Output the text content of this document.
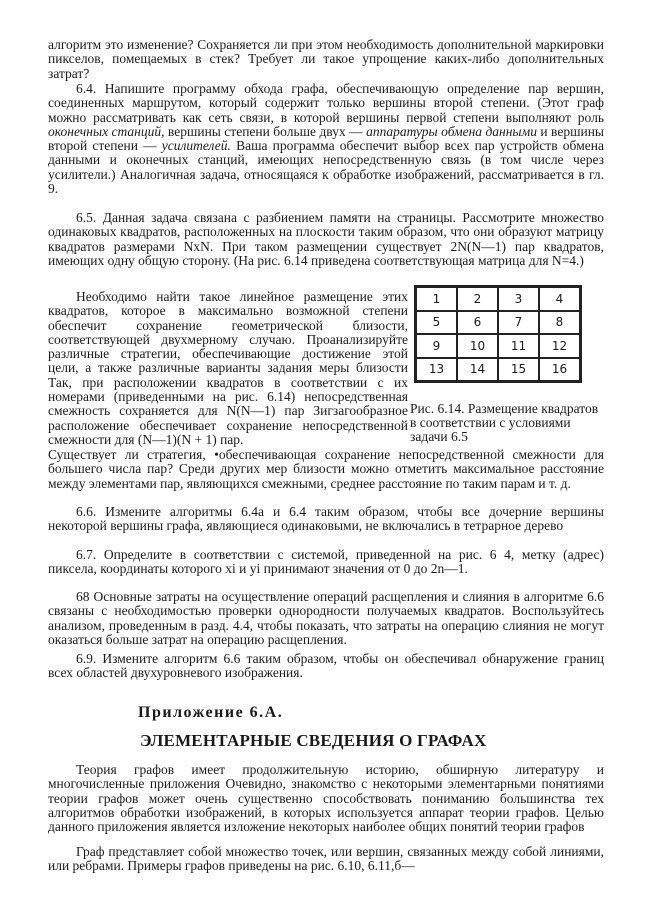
алгоритм это изменение? Сохраняется ли при этом необходимость дополнительной маркировки пикселов, помещаемых в стек? Требует ли такое упрощение каких-либо дополнительных затрат?

6.4. Напишите программу обхода графа, обеспечивающую определение пар вершин, соединенных маршрутом, который содержит только вершины второй степени. (Этот граф можно рассматривать как сеть связи, в которой вершины первой степени выполняют роль оконечных станций, вершины степени больше двух — аппаратуры обмена данными и вершины второй степени — усилителей. Ваша программа обеспечит выбор всех пар устройств обмена данными и оконечных станций, имеющих непосредственную связь (в том числе через усилители.) Аналогичная задача, относящаяся к обработке изображений, рассматривается в гл. 9.

6.5. Данная задача связана с разбиением памяти на страницы. Рассмотрите множество одинаковых квадратов, расположенных на плоскости таким образом, что они образуют матрицу квадратов размерами NxN. При таком размещении существует 2N(N—1) пар квадратов, имеющих одну общую сторону. (На рис. 6.14 приведена соответствующая матрица для N=4.)

Необходимо найти такое линейное размещение этих квадратов, которое в максимально возможной степени обеспечит сохранение геометрической близости, соответствующей двухмерному случаю. Проанализируйте различные стратегии, обеспечивающие достижение этой цели, а также различные варианты задания меры близости Так, при расположении квадратов в соответствии с их номерами (приведенными на рис. 6.14) непосредственная смежность сохраняется для N(N—1) пар Зигзагообразное расположение обеспечивает сохранение непосредственной смежности для (N—1)(N + 1) пар.

1	2	3	4
5	6	7	8
9	10	11	12
13	14	15	16
Рис. 6.14. Размещение квадратов в соответствии с условиями задачи 6.5

Существует ли стратегия, •обеспечивающая сохранение непосредственной смежности для большего числа пар? Среди других мер близости можно отметить максимальное расстояние между элементами пар, являющихся смежными, среднее расстояние по таким парам и т. д.

6.6. Измените алгоритмы 6.4а и 6.4 таким образом, чтобы все дочерние вершины некоторой вершины графа, являющиеся одинаковыми, не включались в тетрарное дерево

6.7. Определите в соответствии с системой, приведенной на рис. 6 4, метку (адрес) пиксела, координаты которого xi и yi принимают значения от 0 до 2n—1.

68 Основные затраты на осуществление операций расщепления и слияния в алгоритме 6.6 связаны с необходимостью проверки однородности получаемых квадратов. Воспользуйтесь анализом, проведенным в разд. 4.4, чтобы показать, что затраты на операцию слияния не могут оказаться больше затрат на операцию расщепления.

6.9. Измените алгоритм 6.6 таким образом, чтобы он обеспечивал обнаружение границ всех областей двухуровневого изображения.

Приложение 6.А.
ЭЛЕМЕНТАРНЫЕ СВЕДЕНИЯ О ГРАФАХ

Теория графов имеет продолжительную историю, обширную литературу и многочисленные приложения Очевидно, знакомство с некоторыми элементарньми понятиями теории графов может очень существенно способствовать пониманию большинства тех алгоритмов обработки изображений, в которых используется аппарат теории графов. Целью данного приложения является изложение некоторых наиболее общих понятий теории графов

Граф представляет собой множество точек, или вершин, связанных между собой линиями, или ребрами. Примеры графов приведены на рис. 6.10, 6.11,б—
